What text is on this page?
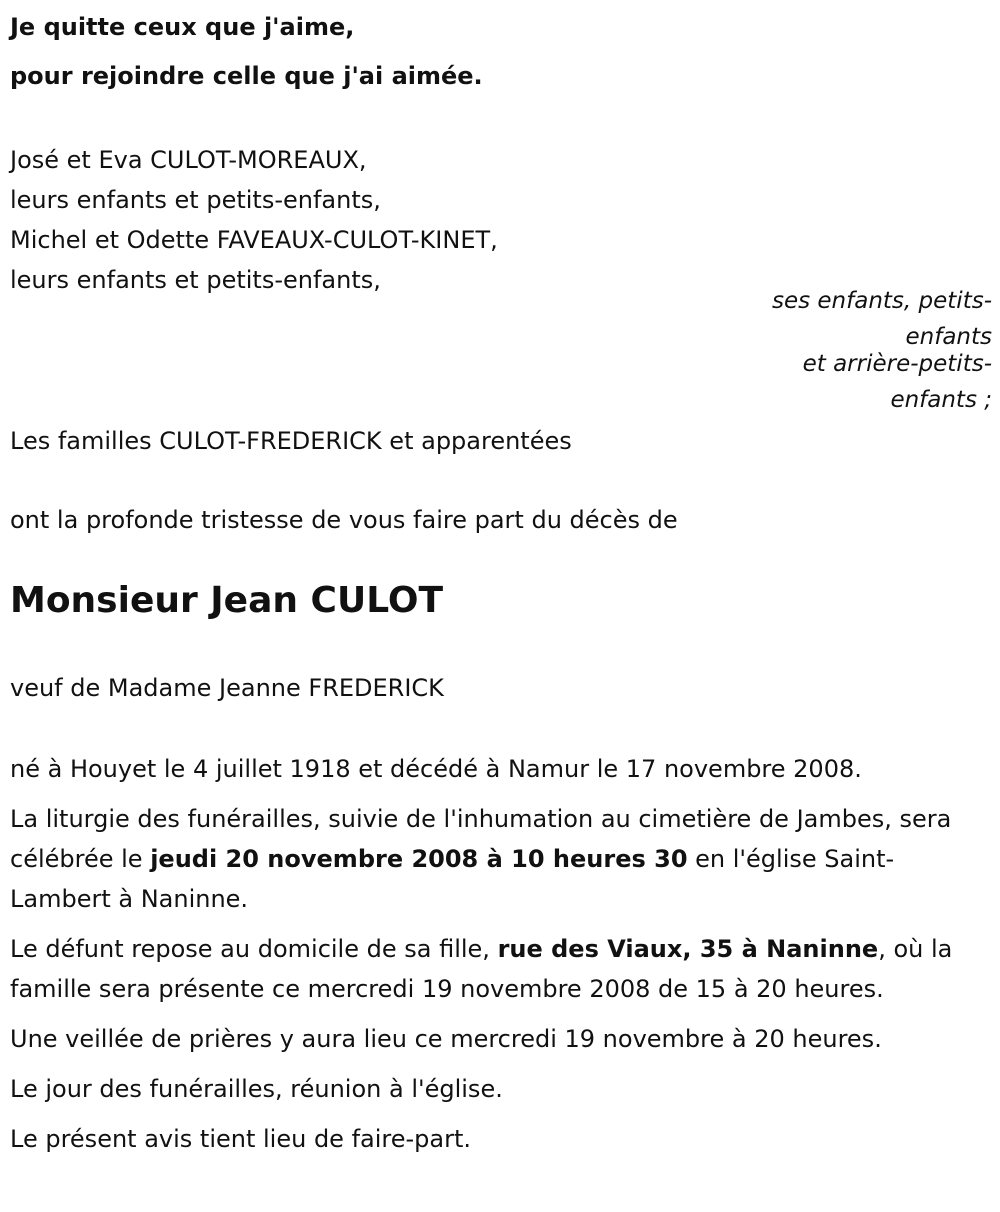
Je quitte ceux que j'aime,
pour rejoindre celle que j'ai aimée.
José et Eva CULOT-MOREAUX,
leurs enfants et petits-enfants,
Michel et Odette FAVEAUX-CULOT-KINET,
leurs enfants et petits-enfants,
ses enfants, petits-enfants
et arrière-petits-enfants ;
Les familles CULOT-FREDERICK et apparentées
ont la profonde tristesse de vous faire part du décès de
Monsieur Jean CULOT
veuf de Madame Jeanne FREDERICK

né à Houyet le 4 juillet 1918 et décédé à Namur le 17 novembre 2008.

La liturgie des funérailles, suivie de l'inhumation au cimetière de Jambes, sera célébrée le jeudi 20 novembre 2008 à 10 heures 30 en l'église Saint-Lambert à Naninne.

Le défunt repose au domicile de sa fille, rue des Viaux, 35 à Naninne, où la famille sera présente ce mercredi 19 novembre 2008 de 15 à 20 heures.

Une veillée de prières y aura lieu ce mercredi 19 novembre à 20 heures.

Le jour des funérailles, réunion à l'église.

Le présent avis tient lieu de faire-part.
